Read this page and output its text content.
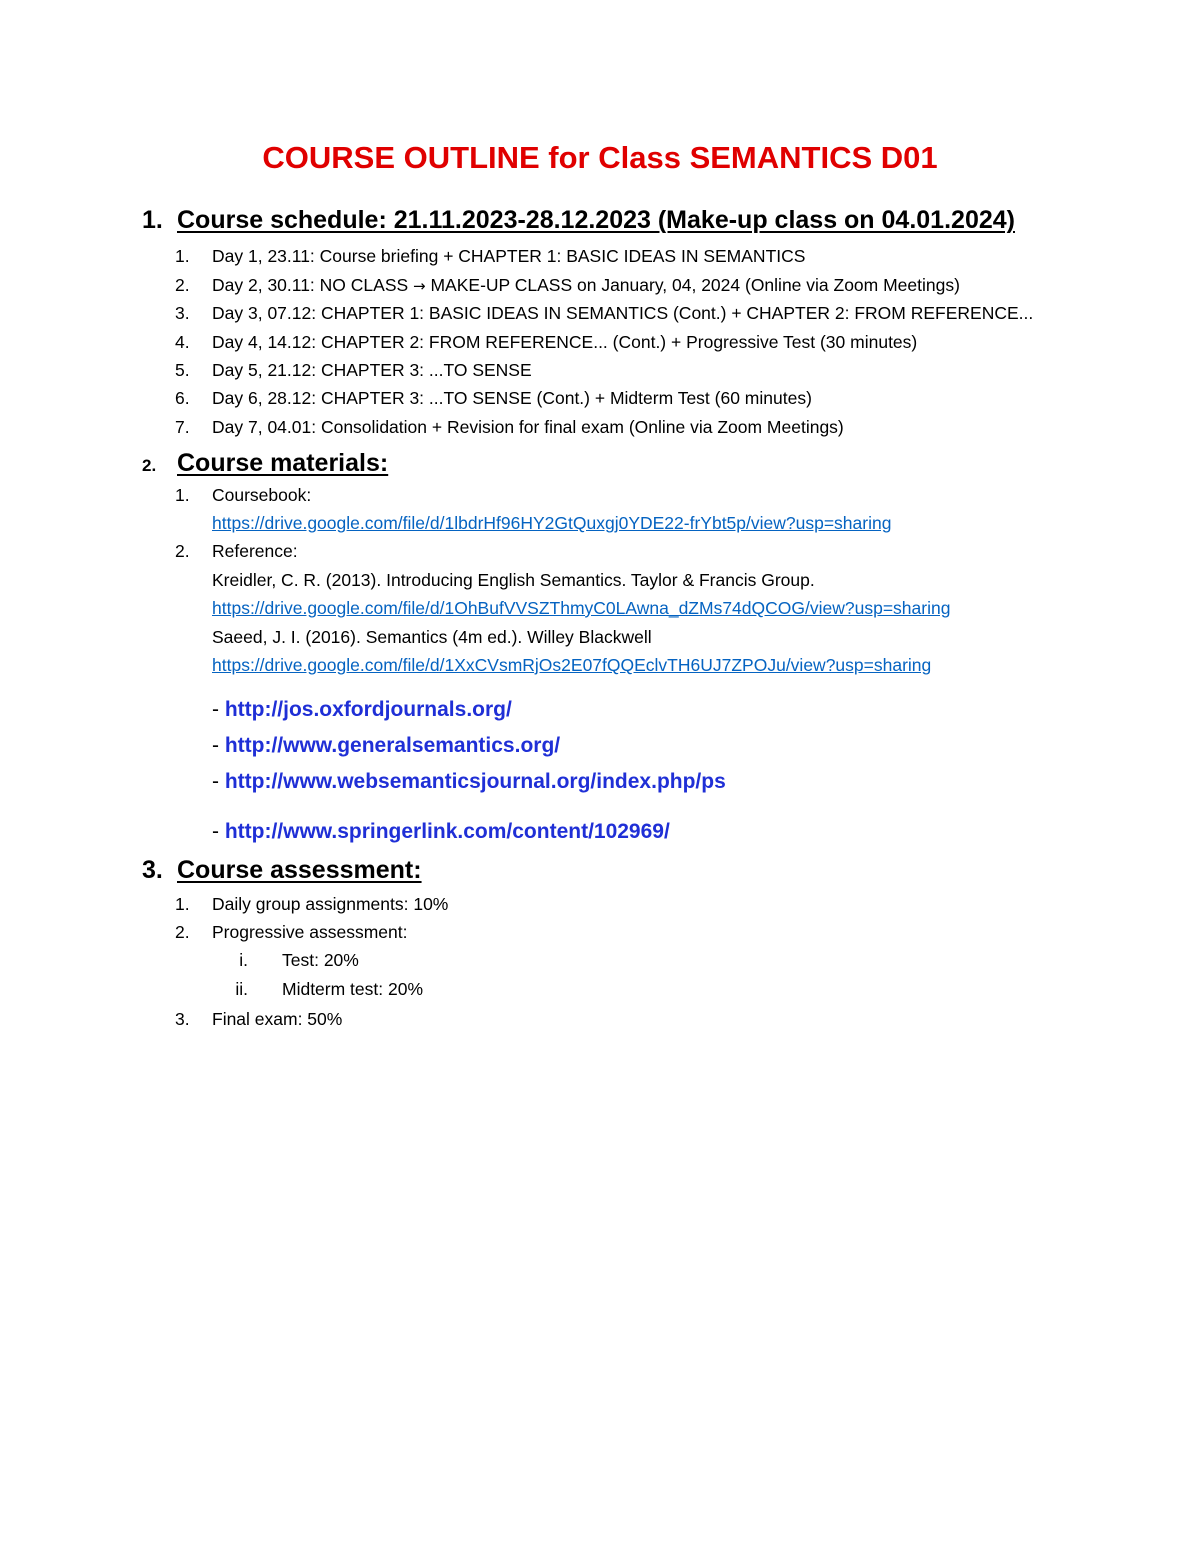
COURSE OUTLINE for Class SEMANTICS D01
1. Course schedule: 21.11.2023-28.12.2023 (Make-up class on 04.01.2024)
1. Day 1, 23.11: Course briefing + CHAPTER 1: BASIC IDEAS IN SEMANTICS
2. Day 2, 30.11: NO CLASS → MAKE-UP CLASS on January, 04, 2024 (Online via Zoom Meetings)
3. Day 3, 07.12: CHAPTER 1: BASIC IDEAS IN SEMANTICS (Cont.) + CHAPTER 2: FROM REFERENCE...
4. Day 4, 14.12: CHAPTER 2: FROM REFERENCE... (Cont.) + Progressive Test (30 minutes)
5. Day 5, 21.12: CHAPTER 3: ...TO SENSE
6. Day 6, 28.12: CHAPTER 3: ...TO SENSE (Cont.) + Midterm Test (60 minutes)
7. Day 7, 04.01: Consolidation + Revision for final exam (Online via Zoom Meetings)
2. Course materials:
1. Coursebook:
https://drive.google.com/file/d/1lbdrHf96HY2GtQuxgj0YDE22-frYbt5p/view?usp=sharing
2. Reference:
Kreidler, C. R. (2013). Introducing English Semantics. Taylor & Francis Group.
https://drive.google.com/file/d/1OhBufVVSZThmyC0LAwna_dZMs74dQCOG/view?usp=sharing
Saeed, J. I. (2016). Semantics (4m ed.). Willey Blackwell
https://drive.google.com/file/d/1XxCVsmRjOs2E07fQQEclvTH6UJ7ZPOJu/view?usp=sharing
- http://jos.oxfordjournals.org/
- http://www.generalsemantics.org/
- http://www.websemanticsjournal.org/index.php/ps
- http://www.springerlink.com/content/102969/
3. Course assessment:
1. Daily group assignments: 10%
2. Progressive assessment:
i. Test: 20%
ii. Midterm test: 20%
3. Final exam: 50%
